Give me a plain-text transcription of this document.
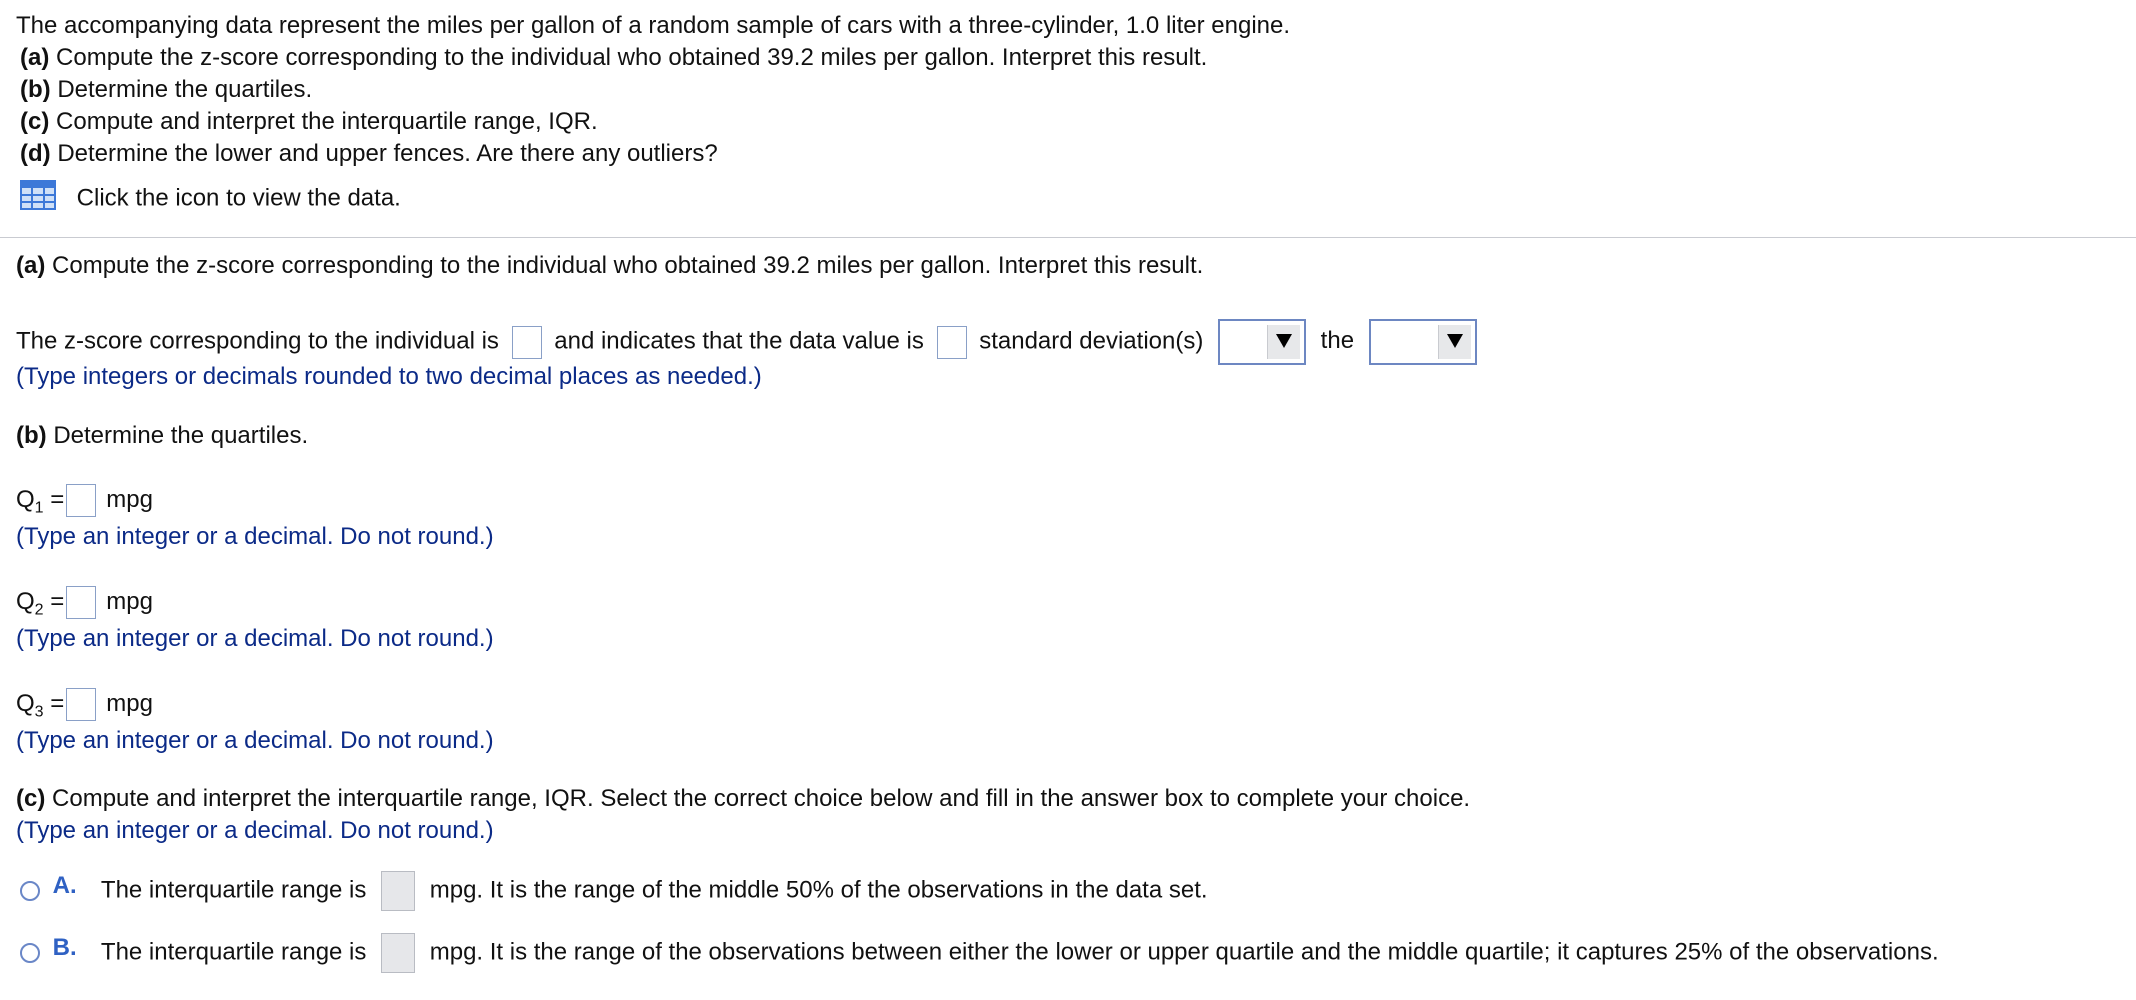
The accompanying data represent the miles per gallon of a random sample of cars with a three-cylinder, 1.0 liter engine.
(a) Compute the z-score corresponding to the individual who obtained 39.2 miles per gallon. Interpret this result.
(b) Determine the quartiles.
(c) Compute and interpret the interquartile range, IQR.
(d) Determine the lower and upper fences. Are there any outliers?
Click the icon to view the data.
(a) Compute the z-score corresponding to the individual who obtained 39.2 miles per gallon. Interpret this result.
The z-score corresponding to the individual is and indicates that the data value is standard deviation(s)	the
(Type integers or decimals rounded to two decimal places as needed.)
(b) Determine the quartiles.
$Q_1$ = mpg
(Type an integer or a decimal. Do not round.)
$Q_2$ = mpg
(Type an integer or a decimal. Do not round.)
$Q_3$ = mpg
(Type an integer or a decimal. Do not round.)
(c) Compute and interpret the interquartile range, IQR. Select the correct choice below and fill in the answer box to complete your choice.
(Type an integer or a decimal. Do not round.)
A. The interquartile range is	mpg. It is the range of the middle 50% of the observations in the data set.
B. The interquartile range is	mpg. It is the range of the observations between either the lower or upper quartile and the middle quartile; it captures 25% of the observations.
